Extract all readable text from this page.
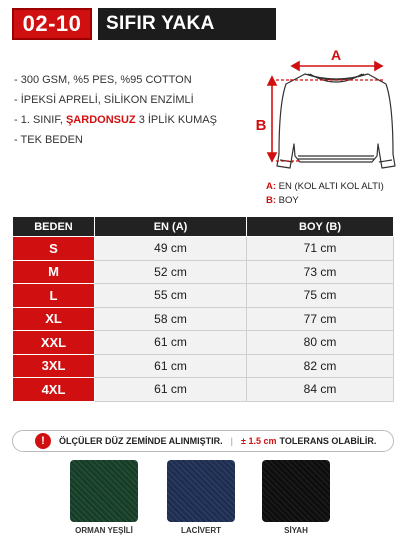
02-10	SIFIR YAKA SWEAT
- 300 GSM, %5 PES, %95 COTTON
- İPEKSİ APRELİ, SİLİKON ENZİMLİ
- 1. SINIF, ŞARDONSUZ 3 İPLİK KUMAŞ
- TEK BEDEN
A
B
A: EN (KOL ALTI KOL ALTI)
B: BOY
BEDEN	EN (A)	BOY (B)
S	49 cm	71 cm
M	52 cm	73 cm
L	55 cm	75 cm
XL	58 cm	77 cm
XXL	61 cm	80 cm
3XL	61 cm	82 cm
4XL	61 cm	84 cm
!	ÖLÇÜLER DÜZ ZEMİNDE ALINMIŞTIR. | ± 1.5 cm TOLERANS OLABİLİR.
ORMAN YEŞİLİ	LACİVERT	SİYAH
